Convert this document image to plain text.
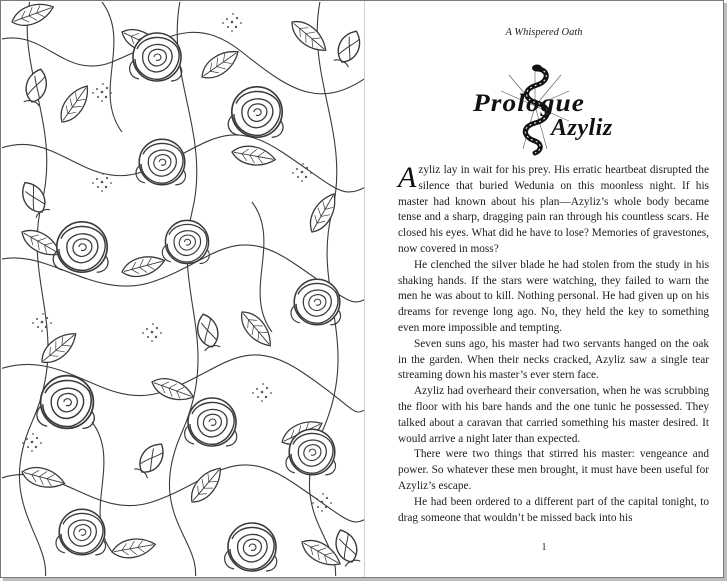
A Whispered Oath
Prologue
Azyliz

Azyliz lay in wait for his prey. His erratic heartbeat disrupted the silence that buried Wedunia on this moonless night. If his master had known about his plan—Azyliz’s whole body became tense and a sharp, dragging pain ran through his countless scars. He closed his eyes. What did he have to lose? Memories of gravestones, now covered in moss?

He clenched the silver blade he had stolen from the study in his shaking hands. If the stars were watching, they failed to warn the men he was about to kill. Nothing personal. He had given up on his dreams for revenge long ago. No, they held the key to something even more impossible and tempting.

Seven suns ago, his master had two servants hanged on the oak in the garden. When their necks cracked, Azyliz saw a single tear streaming down his master’s ever stern face.

Azyliz had overheard their conversation, when he was scrubbing the floor with his bare hands and the one tunic he possessed. They talked about a caravan that carried something his master desired. It would arrive a night later than expected.

There were two things that stirred his master: vengeance and power. So whatever these men brought, it must have been useful for Azyliz’s escape.

He had been ordered to a different part of the capital tonight, to drag someone that wouldn’t be missed back into his

1
